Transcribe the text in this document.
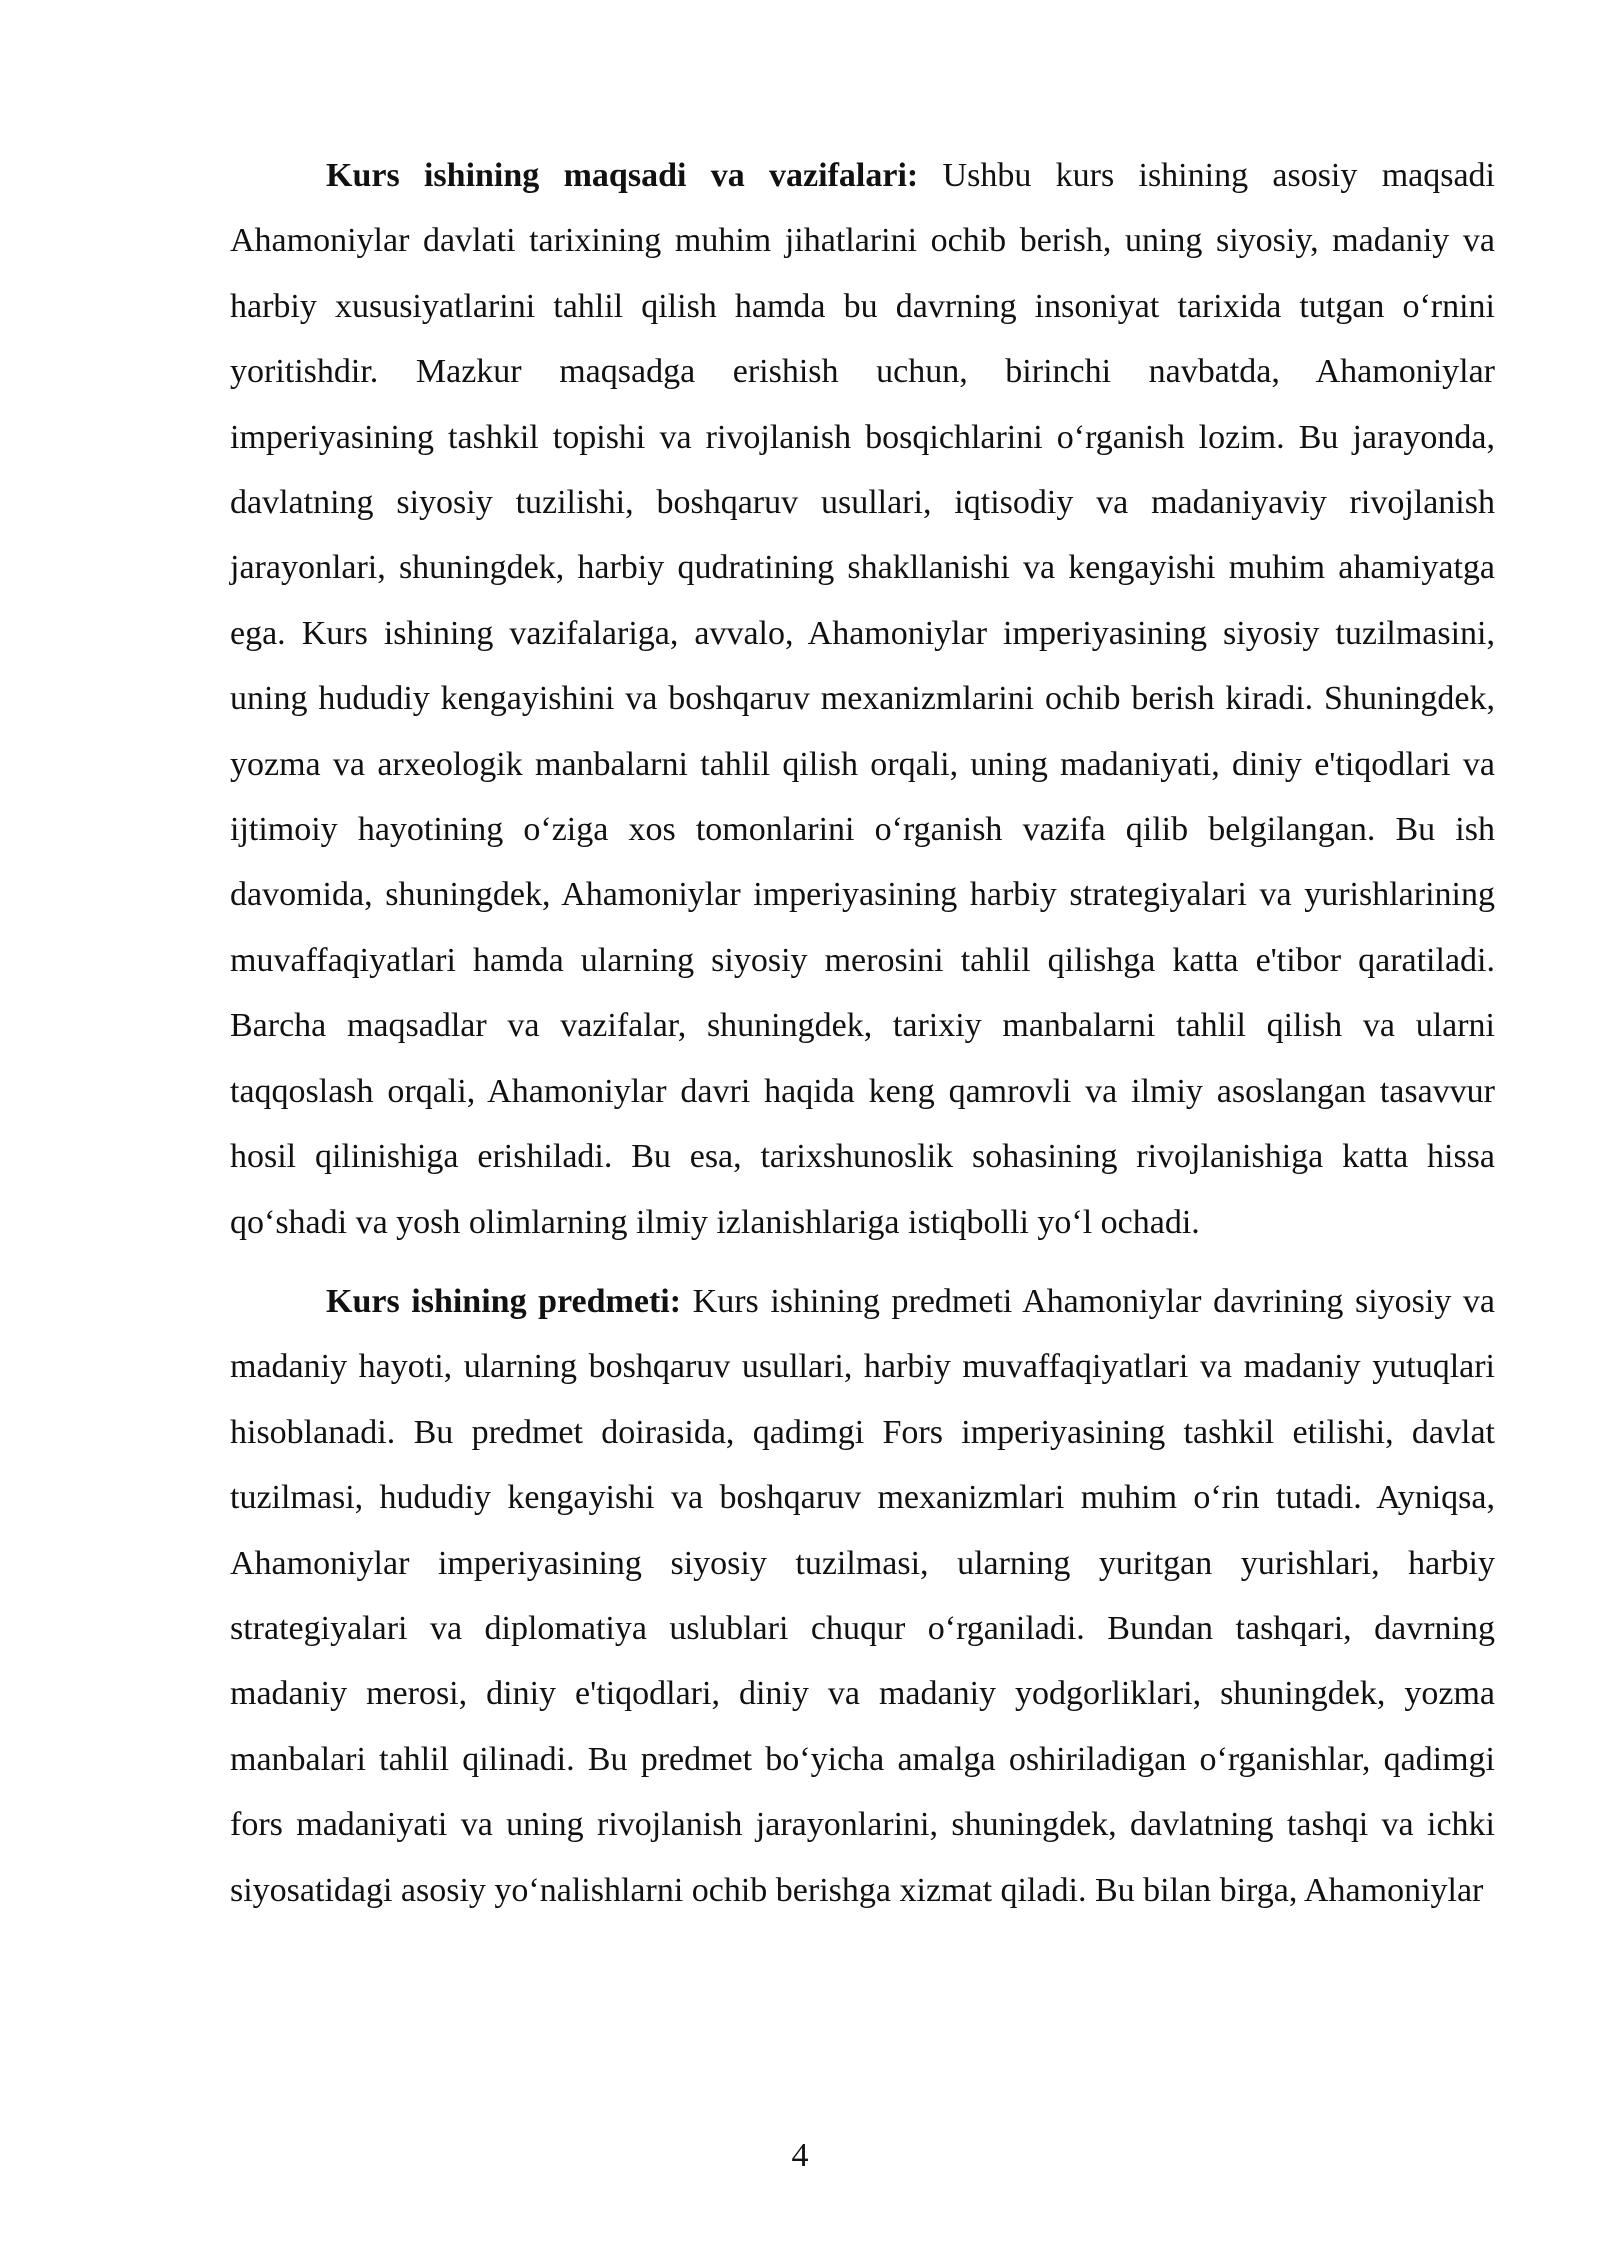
Kurs ishining maqsadi va vazifalari: Ushbu kurs ishining asosiy maqsadi Ahamoniylar davlati tarixining muhim jihatlarini ochib berish, uning siyosiy, madaniy va harbiy xususiyatlarini tahlil qilish hamda bu davrning insoniyat tarixida tutgan o‘rnini yoritishdir. Mazkur maqsadga erishish uchun, birinchi navbatda, Ahamoniylar imperiyasining tashkil topishi va rivojlanish bosqichlarini o‘rganish lozim. Bu jarayonda, davlatning siyosiy tuzilishi, boshqaruv usullari, iqtisodiy va madaniyaviy rivojlanish jarayonlari, shuningdek, harbiy qudratining shakllanishi va kengayishi muhim ahamiyatga ega. Kurs ishining vazifalariga, avvalo, Ahamoniylar imperiyasining siyosiy tuzilmasini, uning hududiy kengayishini va boshqaruv mexanizmlarini ochib berish kiradi. Shuningdek, yozma va arxeologik manbalarni tahlil qilish orqali, uning madaniyati, diniy e'tiqodlari va ijtimoiy hayotining o‘ziga xos tomonlarini o‘rganish vazifa qilib belgilangan. Bu ish davomida, shuningdek, Ahamoniylar imperiyasining harbiy strategiyalari va yurishlarining muvaffaqiyatlari hamda ularning siyosiy merosini tahlil qilishga katta e'tibor qaratiladi. Barcha maqsadlar va vazifalar, shuningdek, tarixiy manbalarni tahlil qilish va ularni taqqoslash orqali, Ahamoniylar davri haqida keng qamrovli va ilmiy asoslangan tasavvur hosil qilinishiga erishiladi. Bu esa, tarixshunoslik sohasining rivojlanishiga katta hissa qo‘shadi va yosh olimlarning ilmiy izlanishlariga istiqbolli yo‘l ochadi.

Kurs ishining predmeti: Kurs ishining predmeti Ahamoniylar davrining siyosiy va madaniy hayoti, ularning boshqaruv usullari, harbiy muvaffaqiyatlari va madaniy yutuqlari hisoblanadi. Bu predmet doirasida, qadimgi Fors imperiyasining tashkil etilishi, davlat tuzilmasi, hududiy kengayishi va boshqaruv mexanizmlari muhim o‘rin tutadi. Ayniqsa, Ahamoniylar imperiyasining siyosiy tuzilmasi, ularning yuritgan yurishlari, harbiy strategiyalari va diplomatiya uslublari chuqur o‘rganiladi. Bundan tashqari, davrning madaniy merosi, diniy e'tiqodlari, diniy va madaniy yodgorliklari, shuningdek, yozma manbalari tahlil qilinadi. Bu predmet bo‘yicha amalga oshiriladigan o‘rganishlar, qadimgi fors madaniyati va uning rivojlanish jarayonlarini, shuningdek, davlatning tashqi va ichki siyosatidagi asosiy yo‘nalishlarni ochib berishga xizmat qiladi. Bu bilan birga, Ahamoniylar

4
